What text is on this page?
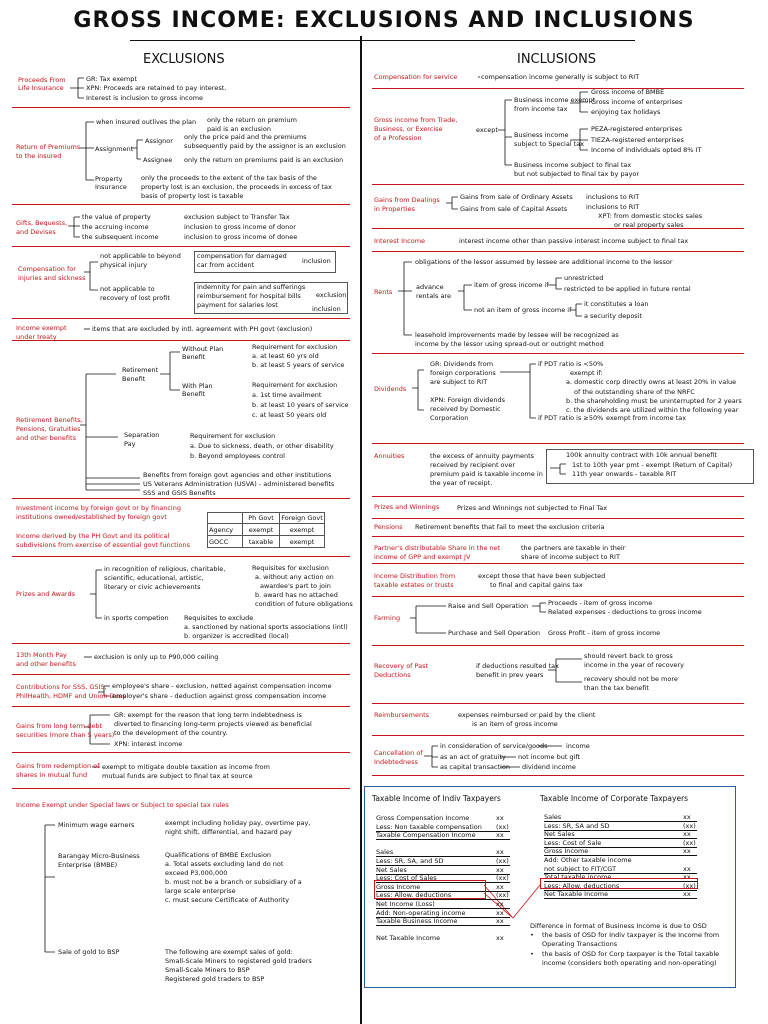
GROSS INCOME: EXCLUSIONS AND INCLUSIONS
EXCLUSIONS	INCLUSIONS
Proceeds From
Life Insurance
GR: Tax exempt
XPN: Proceeds are retained to pay interest.
Interest is inclusion to gross income
Return of Premiums
to the insured
when insured outlives the plan only the return on premium
paid is an exclusion
Assignment
Assignor only the price paid and the premiums
subsequently paid by the assignor is an exclusion
Assignee only the return on premiums paid is an exclusion
Property
Insurance
only the proceeds to the extent of the tax basis of the
property lost is an exclusion, the proceeds in excess of tax
basis of property lost is taxable
Gifts, Bequests,
and Devises
the value of property	exclusion subject to Transfer Tax
the accruing income	inclusion to gross income of donor
the subsequent income	inclusion to gross income of donee
Compensation for
injuries and sickness
not applicable to beyond
physical injury
compensation for damaged
car from accident	inclusion
not applicable to
recovery of lost profit
indemnity for pain and sufferings
reimbursement for hospital bills
payment for salaries lost
exclusion
inclusion
Income exempt
under treaty
items that are excluded by intl. agreement with PH govt (exclusion)
Retirement Benefits,
Pensions, Gratuities
and other benefits
Retirement
Benefit
Without Plan
Benefit
Requirement for exclusion
a. at least 60 yrs old
b. at least 5 years of service
With Plan
Benefit
Requirement for exclusion
a. 1st time availment
b. at least 10 years of service
c. at least 50 years old
Separation
Pay
Requirement for exclusion
a. Due to sickness, death, or other disability
b. Beyond employees control
Benefits from foreign govt agencies and other institutions
US Veterans Administration (USVA) - administered benefits
SSS and GSIS Benefits
Investment income by foreign govt or by financing
institutions owned/established by foreign govt
Income derived by the PH Govt and its political
subdivisions from exercise of essential govt functions
	Ph Govt	Foreign Govt
Agency	exempt	exempt
GOCC	taxable	exempt
Prizes and Awards
in recognition of religious, charitable,
scientific, educational, artistic,
literary or civic achievements
Requisites for exclusion
a. without any action on
awardee's part to join
b. award has no attached
condition of future obligations
in sports competion Requisites to exclude
a. sanctioned by national sports associations (intl)
b. organizer is accredited (local)
13th Month Pay
and other benefits
exclusion is only up to P90,000 ceiling
Contributions for SSS, GSIS,
PhilHealth, HDMF and Union Dues
employee's share - exclusion, netted against compensation income
employer's share - deduction against gross compensation income
Gains from long term debt
securities (more than 5 years)
GR: exempt for the reason that long term indebtedness is
diverted to financing long-term projects viewed as beneficial
to the development of the country.
XPN: interest income
Gains from redemption of
shares in mutual fund
exempt to mitigate double taxation as income from
mutual funds are subject to final tax at source
Income Exempt under Special laws or Subject to special tax rules
Minimum wage earners	exempt including holiday pay, overtime pay,
night shift, differential, and hazard pay
Barangay Micro-Business
Enterprise (BMBE)
Qualifications of BMBE Exclusion
a. Total assets excluding land do not
exceed P3,000,000
b. must not be a branch or subsidiary of a
large scale enterprise
c. must secure Certificate of Authority
Sale of gold to BSP	The following are exempt sales of gold:
Small-Scale Miners to registered gold traders
Small-Scale Miners to BSP
Registered gold traders to BSP
Compensation for service	compensation income generally is subject to RIT
Gross income from Trade,
Business, or Exercise
of a Profession
except
Business income exempt
from income tax
Gross income of BMBE
Gross income of enterprises
enjoying tax holidays
Business income
subject to Special tax
PEZA-registered enterprises
TIEZA-registered enterprises
Income of individuals opted 8% IT
Business income subject to final tax
but not subjected to final tax by payor
Gains from Dealings
in Properties
Gains from sale of Ordinary Assets inclusions to RIT
Gains from sale of Capital Assets	inclusions to RIT
XPT: from domestic stocks sales
or real property sales
Interest Income	interest income other than passive interest income subject to final tax
Rents
obligations of the lessor assumed by lessee are additional income to the lessor
advance
rentals are
item of gross income if
unrestricted
restricted to be applied in future rental
not an item of gross income if
it constitutes a loan
a security deposit
leasehold improvements made by lessee will be recognized as
income by the lessor using spread-out or outright method
Dividends
GR: Dividends from
foreign corporations
are subject to RIT
XPN: Foreign dividends
received by Domestic
Corporation
if PDT ratio is <50%
exempt if:
a. domestic corp directly owns at least 20% in value
of the outstanding share of the NRFC
b. the shareholding must be uninterrupted for 2 years
c. the dividends are utilized within the following year
if PDT ratio is ≥50% exempt from income tax
Annuities	the excess of annuity payments
received by recipient over
premium paid is taxable income in
the year of receipt.
100k annuity contract with 10k annual benefit
1st to 10th year pmt - exempt (Return of Capital)
11th year onwards - taxable RIT
Prizes and Winnings	Prizes and Winnings not subjected to Final Tax
Pensions Retirement benefits that fail to meet the exclusion criteria
Partner's distributable Share in the net
income of GPP and exempt JV
the partners are taxable in their
share of income subject to RIT
Income Distribution from
taxable estates or trusts
except those that have been subjected
to final and capital gains tax
Farming
Raise and Sell Operation	Proceeds - item of gross income
Related expenses - deductions to gross income
Purchase and Sell Operation Gross Profit - item of gross income
Recovery of Past
Deductions
if deductions resulted tax
benefit in prev years
should revert back to gross
income in the year of recovery
recovery should not be more
than the tax benefit
Reimbursements	expenses reimbursed or paid by the client
is an item of gross income
Cancellation of
Indebtedness
in consideration of service/goods	income
as an act of gratuity not income but gift
as capital transaction dividend income
Taxable Income of Indiv Taxpayers	Taxable Income of Corporate Taxpayers
Gross Compensation Income	xx
Less: Non taxable compensation (xx)
Taxable Compensation Income	xx
Sales	xx
Less: SR, SA, and SD	(xx)
Net Sales	xx
Less: Cost of Sales	(xx)
Gross Income	xx
Less: Allow. deductions	(xx)
Net Income (Loss)	xx
Add: Non-operating income	xx
Taxable Business Income	xx
Net Taxable Income	xx
Sales	xx
Less: SR, SA and SD	(xx)
Net Sales	xx
Less: Cost of Sale	(xx)
Gross Income	xx
Add: Other taxable income
not subject to FIT/CGT	xx
Total taxable income	xx
Less: Allow. deductions	(xx)
Net Taxable Income	xx
Difference in format of Business Income is due to OSD
• the basis of OSD for Indiv taxpayer is the Income from
Operating Transactions
• the basis of OSD for Corp taxpayer is the Total taxable
income (considers both operating and non-operating)
